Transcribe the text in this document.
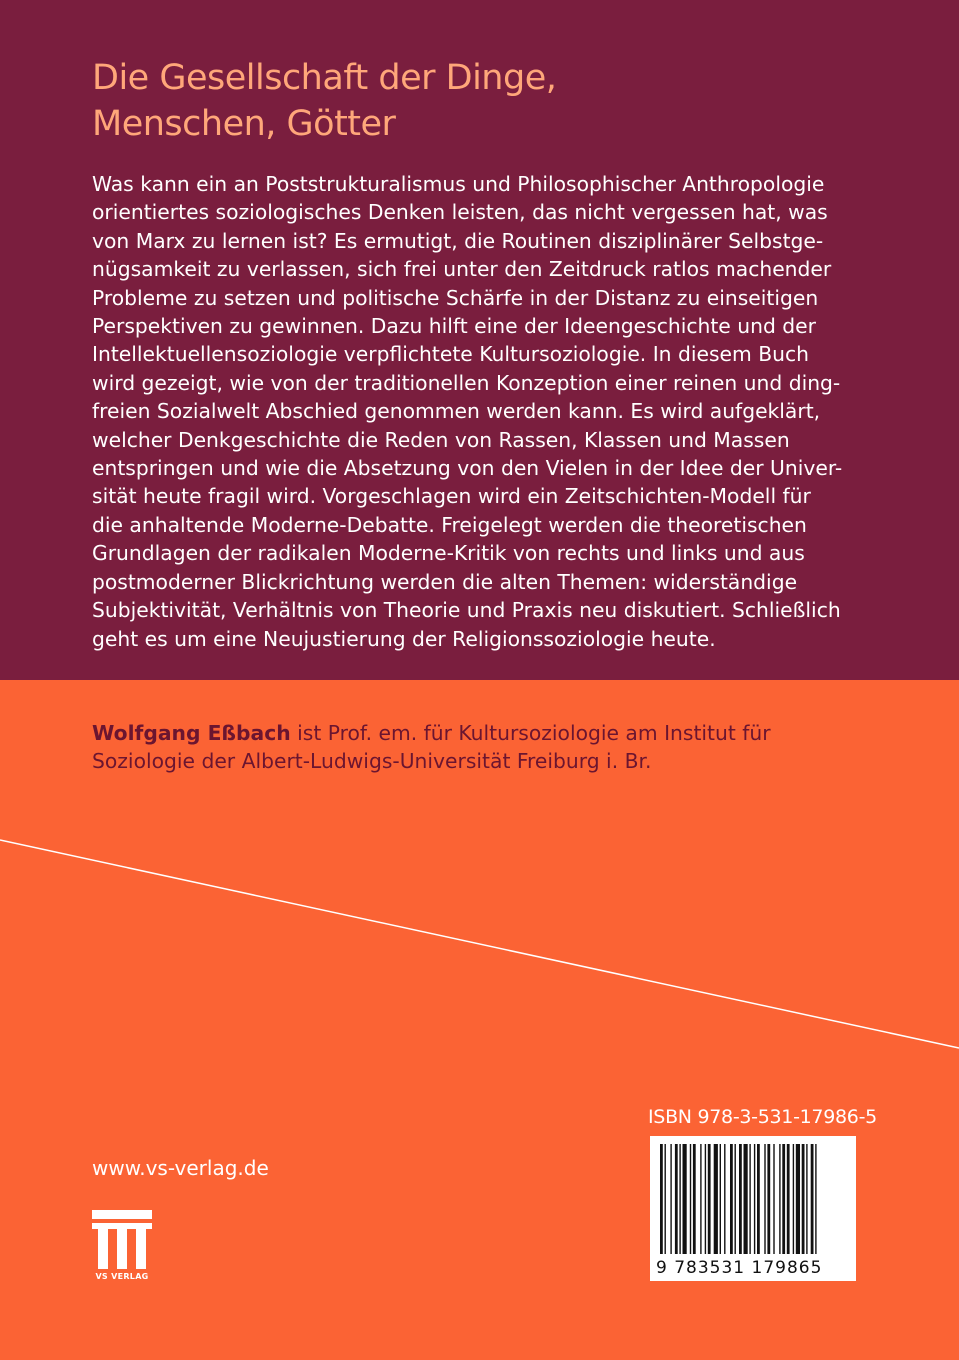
Die Gesellschaft der Dinge,
Menschen, Götter
Was kann ein an Poststrukturalismus und Philosophischer Anthropologie
orientiertes soziologisches Denken leisten, das nicht vergessen hat, was
von Marx zu lernen ist? Es ermutigt, die Routinen disziplinärer Selbstge-
nügsamkeit zu verlassen, sich frei unter den Zeitdruck ratlos machender
Probleme zu setzen und politische Schärfe in der Distanz zu einseitigen
Perspektiven zu gewinnen. Dazu hilft eine der Ideengeschichte und der
Intellektuellensoziologie verpflichtete Kultursoziologie. In diesem Buch
wird gezeigt, wie von der traditionellen Konzeption einer reinen und ding-
freien Sozialwelt Abschied genommen werden kann. Es wird aufgeklärt,
welcher Denkgeschichte die Reden von Rassen, Klassen und Massen
entspringen und wie die Absetzung von den Vielen in der Idee der Univer-
sität heute fragil wird. Vorgeschlagen wird ein Zeitschichten-Modell für
die anhaltende Moderne-Debatte. Freigelegt werden die theoretischen
Grundlagen der radikalen Moderne-Kritik von rechts und links und aus
postmoderner Blickrichtung werden die alten Themen: widerständige
Subjektivität, Verhältnis von Theorie und Praxis neu diskutiert. Schließlich
geht es um eine Neujustierung der Religionssoziologie heute.
Wolfgang Eßbach ist Prof. em. für Kultursoziologie am Institut für
Soziologie der Albert-Ludwigs-Universität Freiburg i. Br.
ISBN 978-3-531-17986-5
9 783531 179865
www.vs-verlag.de
VS VERLAG
